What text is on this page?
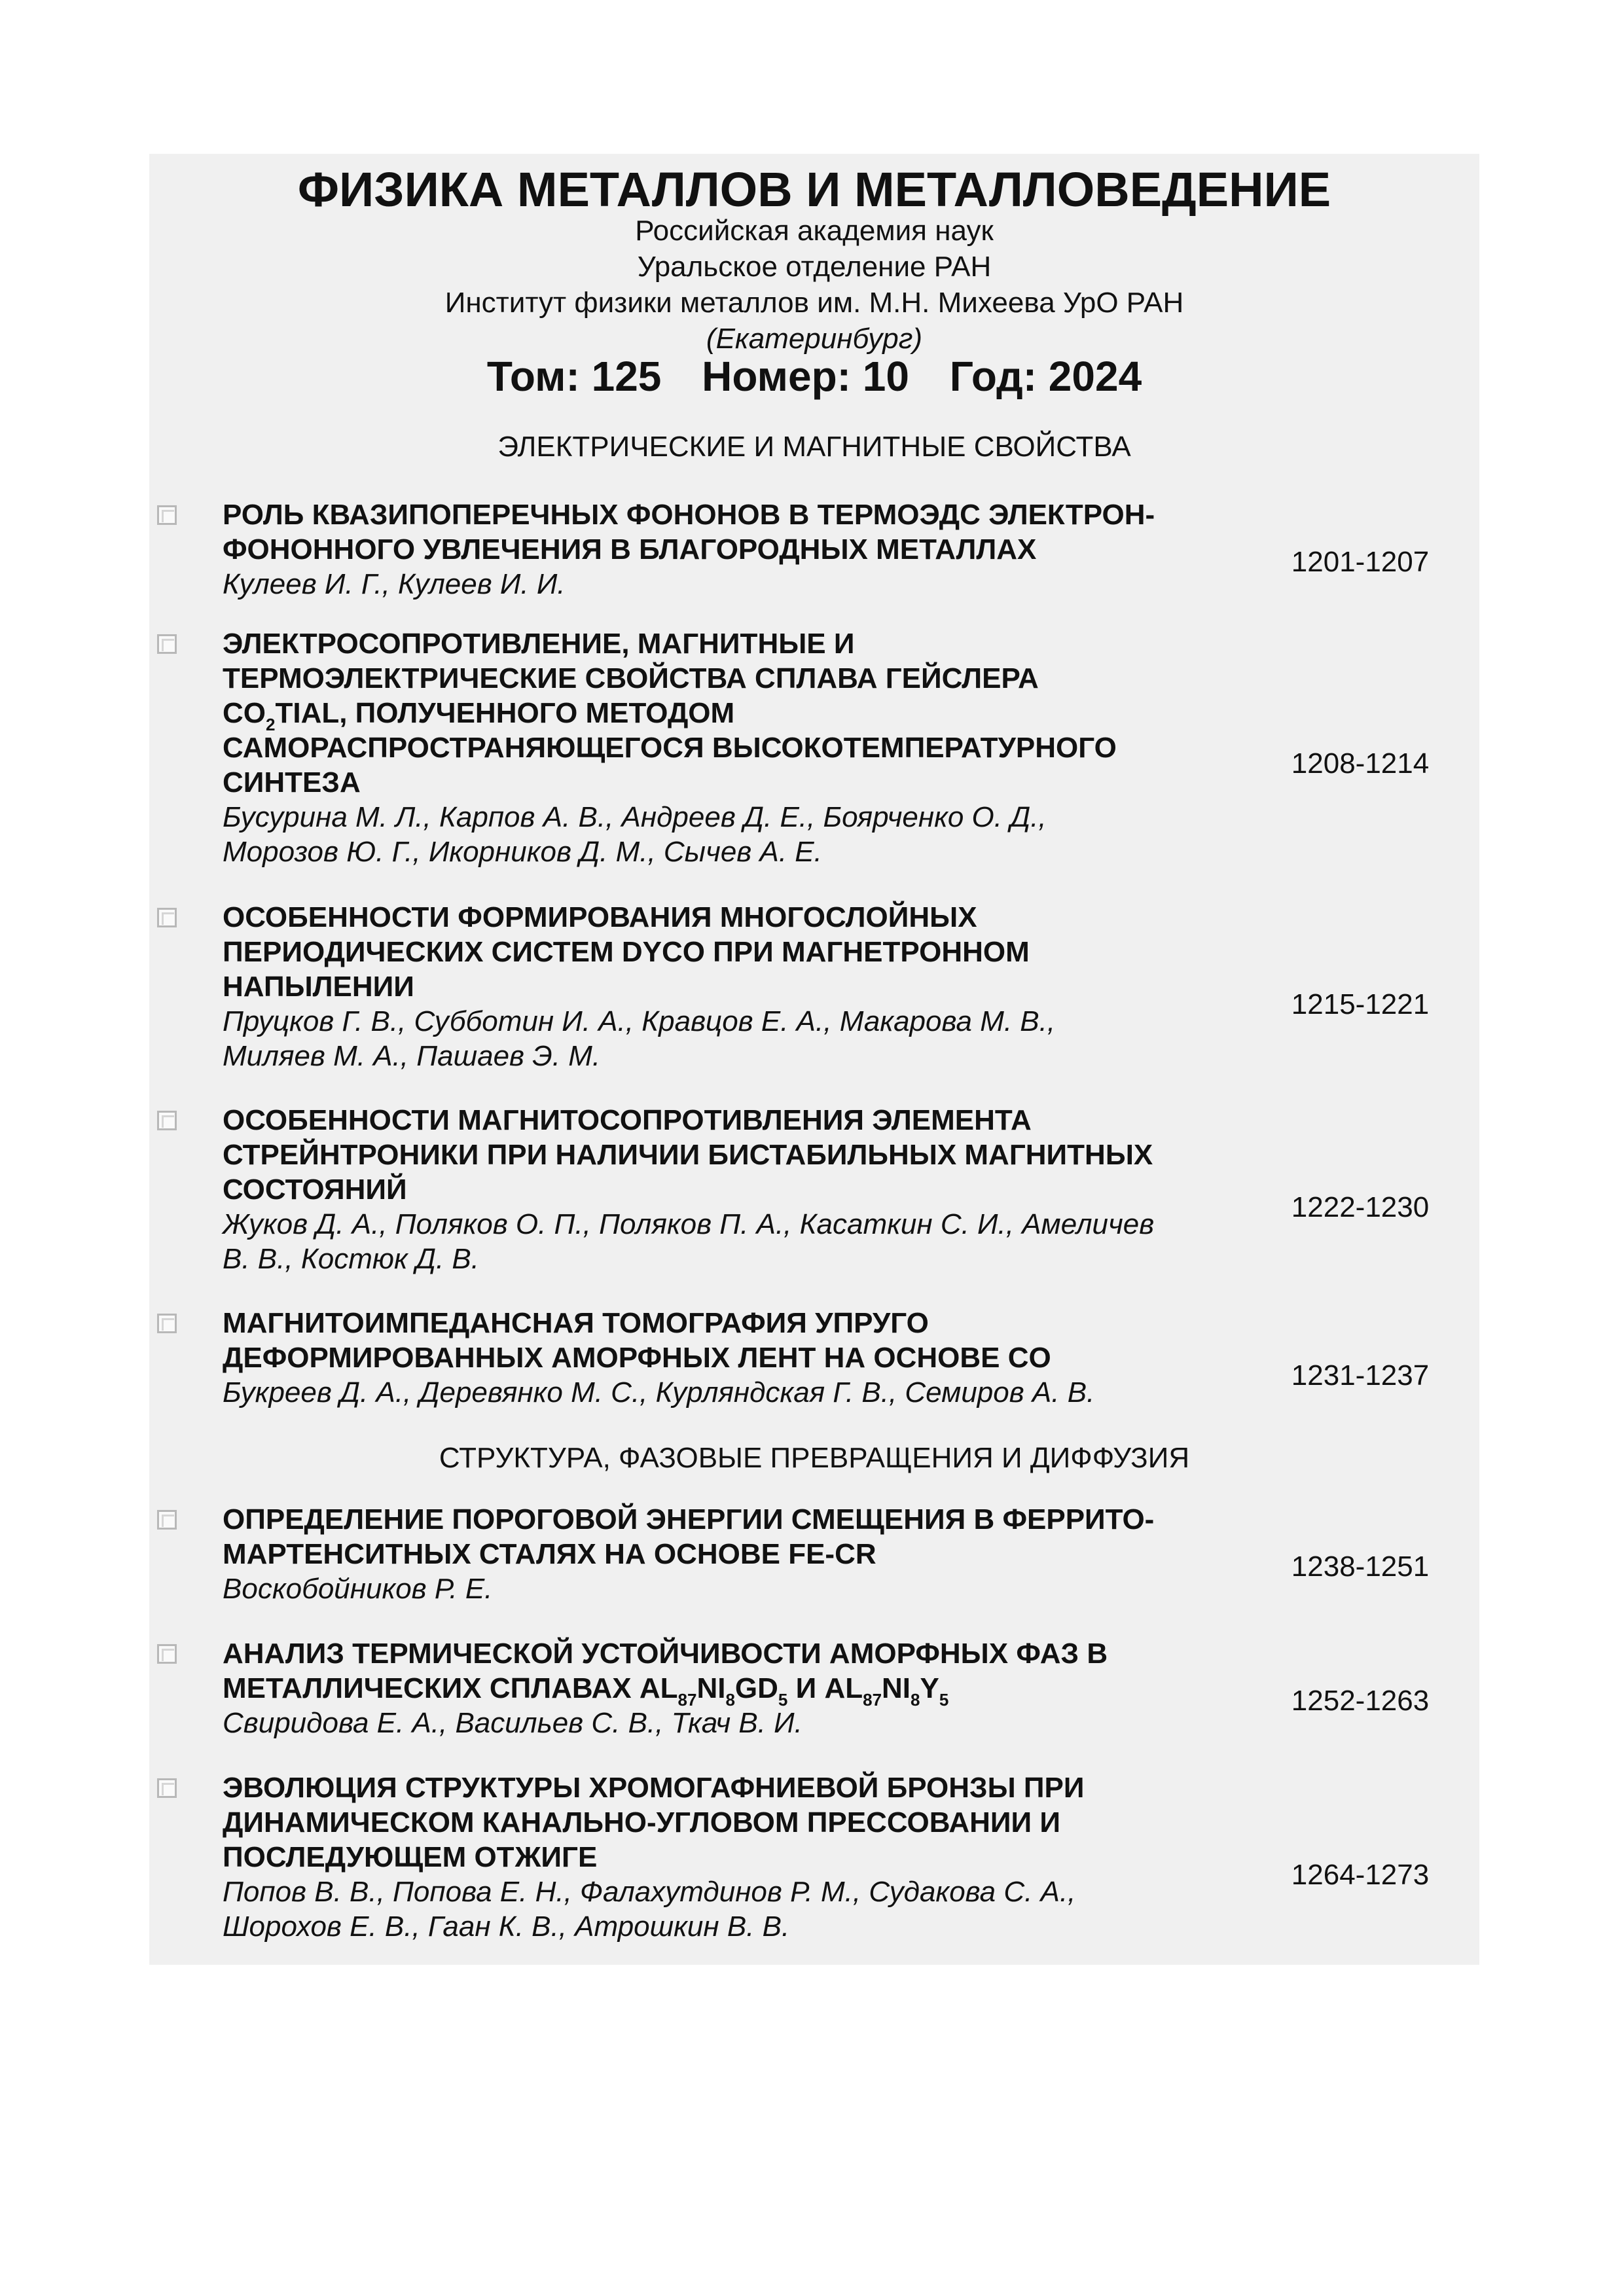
ФИЗИКА МЕТАЛЛОВ И МЕТАЛЛОВЕДЕНИЕ
Российская академия наук
Уральское отделение РАН
Институт физики металлов им. М.Н. Михеева УрО РАН
(Екатеринбург)
Том: 125 Номер: 10 Год: 2024
ЭЛЕКТРИЧЕСКИЕ И МАГНИТНЫЕ СВОЙСТВА
РОЛЬ КВАЗИПОПЕРЕЧНЫХ ФОНОНОВ В ТЕРМОЭДС ЭЛЕКТРОН-
ФОНОННОГО УВЛЕЧЕНИЯ В БЛАГОРОДНЫХ МЕТАЛЛАХ
Кулеев И. Г., Кулеев И. И.
1201-1207
ЭЛЕКТРОСОПРОТИВЛЕНИЕ, МАГНИТНЫЕ И
ТЕРМОЭЛЕКТРИЧЕСКИЕ СВОЙСТВА СПЛАВА ГЕЙСЛЕРА
$CO_2TIAL$, ПОЛУЧЕННОГО МЕТОДОМ
САМОРАСПРОСТРАНЯЮЩЕГОСЯ ВЫСОКОТЕМПЕРАТУРНОГО
СИНТЕЗА
Бусурина М. Л., Карпов А. В., Андреев Д. Е., Боярченко О. Д.,
Морозов Ю. Г., Икорников Д. М., Сычев А. Е.
1208-1214
ОСОБЕННОСТИ ФОРМИРОВАНИЯ МНОГОСЛОЙНЫХ
ПЕРИОДИЧЕСКИХ СИСТЕМ DYCO ПРИ МАГНЕТРОННОМ
НАПЫЛЕНИИ
Пруцков Г. В., Субботин И. А., Кравцов Е. А., Макарова М. В.,
Миляев М. А., Пашаев Э. М.
1215-1221
ОСОБЕННОСТИ МАГНИТОСОПРОТИВЛЕНИЯ ЭЛЕМЕНТА
СТРЕЙНТРОНИКИ ПРИ НАЛИЧИИ БИСТАБИЛЬНЫХ МАГНИТНЫХ
СОСТОЯНИЙ
Жуков Д. А., Поляков О. П., Поляков П. А., Касаткин С. И., Амеличев
В. В., Костюк Д. В.
1222-1230
МАГНИТОИМПЕДАНСНАЯ ТОМОГРАФИЯ УПРУГО
ДЕФОРМИРОВАННЫХ АМОРФНЫХ ЛЕНТ НА ОСНОВЕ CO
Букреев Д. А., Деревянко М. С., Курляндская Г. В., Семиров А. В.
1231-1237
СТРУКТУРА, ФАЗОВЫЕ ПРЕВРАЩЕНИЯ И ДИФФУЗИЯ
ОПРЕДЕЛЕНИЕ ПОРОГОВОЙ ЭНЕРГИИ СМЕЩЕНИЯ В ФЕРРИТО-
МАРТЕНСИТНЫХ СТАЛЯХ НА ОСНОВЕ FE-CR
Воскобойников Р. Е.
1238-1251
АНАЛИЗ ТЕРМИЧЕСКОЙ УСТОЙЧИВОСТИ АМОРФНЫХ ФАЗ В
МЕТАЛЛИЧЕСКИХ СПЛАВАХ $AL_{87}NI_8GD_5$ И $AL_{87}NI_8Y_5$
Свиридова Е. А., Васильев С. В., Ткач В. И.
1252-1263
ЭВОЛЮЦИЯ СТРУКТУРЫ ХРОМОГАФНИЕВОЙ БРОНЗЫ ПРИ
ДИНАМИЧЕСКОМ КАНАЛЬНО-УГЛОВОМ ПРЕССОВАНИИ И
ПОСЛЕДУЮЩЕМ ОТЖИГЕ
Попов В. В., Попова Е. Н., Фалахутдинов Р. М., Судакова С. А.,
Шорохов Е. В., Гаан К. В., Атрошкин В. В.
1264-1273
